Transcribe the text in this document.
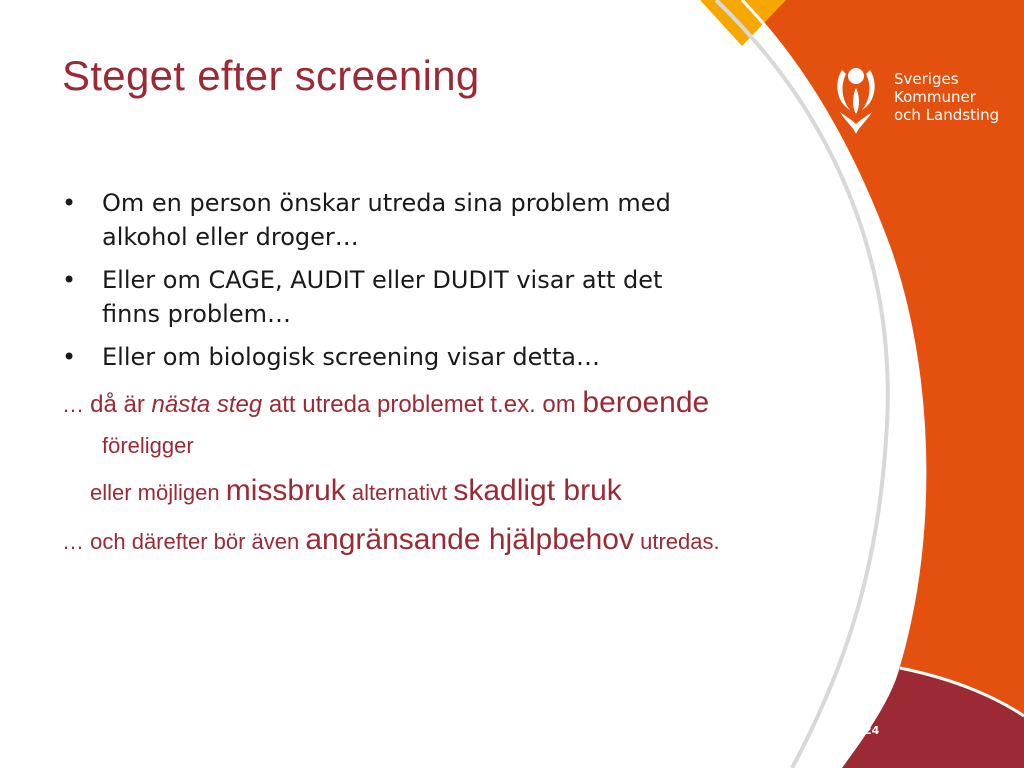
Steget efter screening
• Om en person önskar utreda sina problem med alkohol eller droger…
• Eller om CAGE, AUDIT eller DUDIT visar att det finns problem…
• Eller om biologisk screening visar detta…
… då är nästa steg att utreda problemet t.ex. om beroende föreligger
eller möjligen missbruk alternativt skadligt bruk
… och därefter bör även angränsande hjälpbehov utredas.
Sveriges
Kommuner
och Landsting
24
